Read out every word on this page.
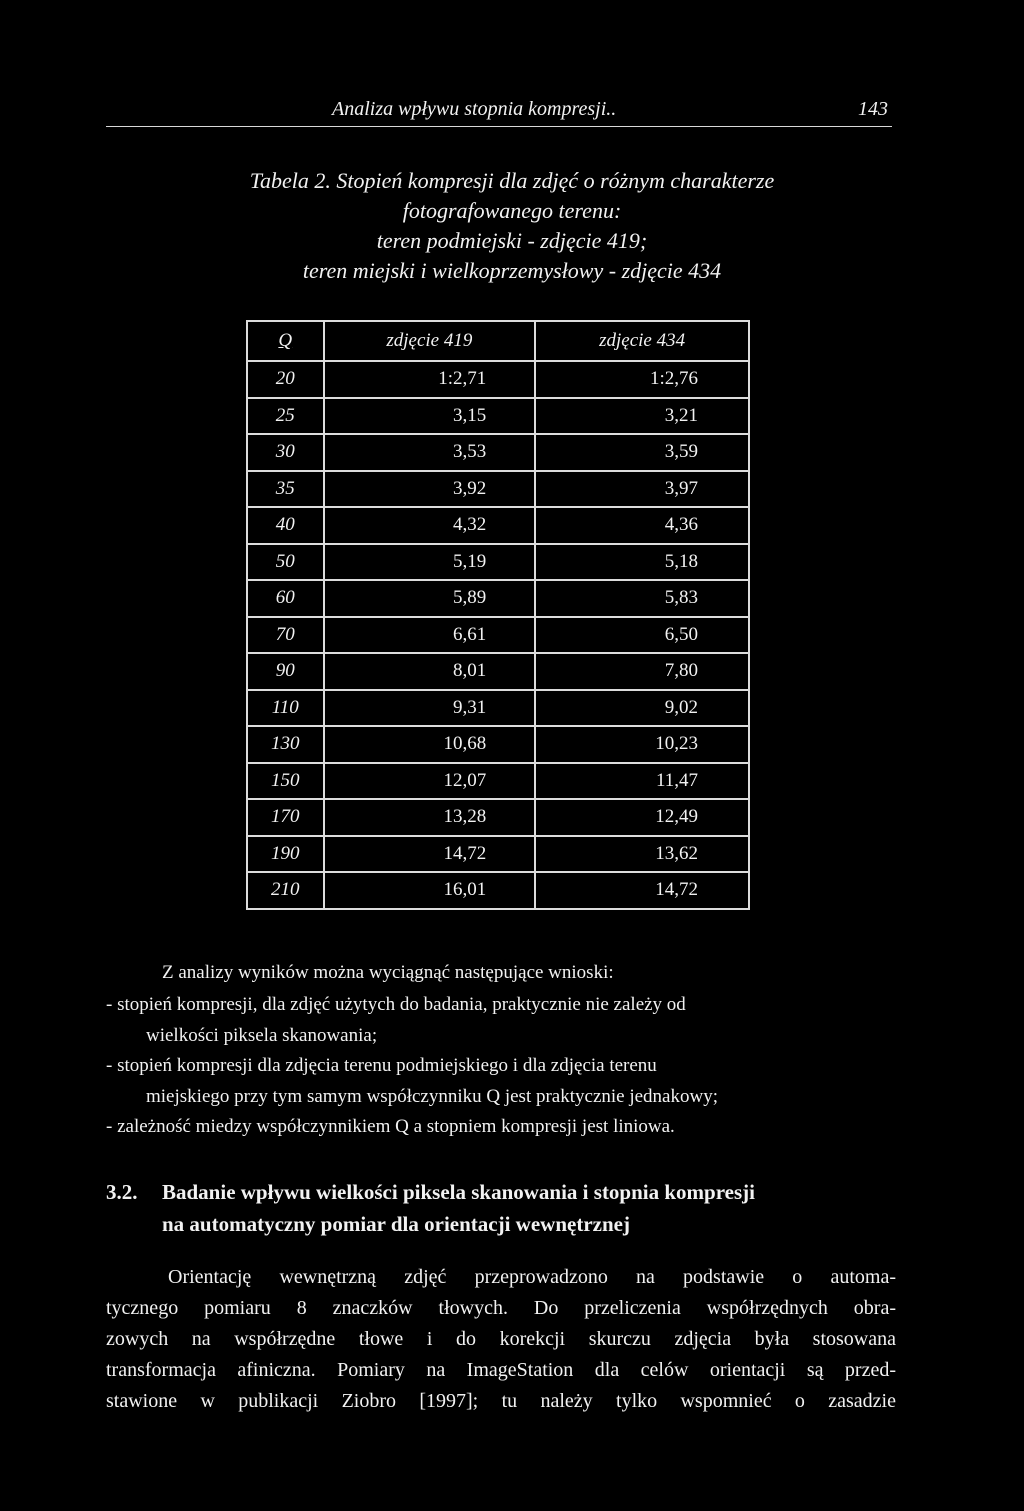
Analiza wpływu stopnia kompresji..	143
Tabela 2. Stopień kompresji dla zdjęć o różnym charakterze
fotografowanego terenu:
teren podmiejski - zdjęcie 419;
teren miejski i wielkoprzemysłowy - zdjęcie 434
Q	zdjęcie 419	zdjęcie 434
20	1:2,71	1:2,76
25	3,15	3,21
30	3,53	3,59
35	3,92	3,97
40	4,32	4,36
50	5,19	5,18
60	5,89	5,83
70	6,61	6,50
90	8,01	7,80
110	9,31	9,02
130	10,68	10,23
150	12,07	11,47
170	13,28	12,49
190	14,72	13,62
210	16,01	14,72
Z analizy wyników można wyciągnąć następujące wnioski:
- stopień kompresji, dla zdjęć użytych do badania, praktycznie nie zależy od
wielkości piksela skanowania;
- stopień kompresji dla zdjęcia terenu podmiejskiego i dla zdjęcia terenu
miejskiego przy tym samym współczynniku Q jest praktycznie jednakowy;
- zależność miedzy współczynnikiem Q a stopniem kompresji jest liniowa.
3.2. Badanie wpływu wielkości piksela skanowania i stopnia kompresji
na automatyczny pomiar dla orientacji wewnętrznej
Orientację wewnętrzną zdjęć przeprowadzono na podstawie o automa-
tycznego pomiaru 8 znaczków tłowych. Do przeliczenia współrzędnych obra-
zowych na współrzędne tłowe i do korekcji skurczu zdjęcia była stosowana
transformacja afiniczna. Pomiary na ImageStation dla celów orientacji są przed-
stawione w publikacji Ziobro [1997]; tu należy tylko wspomnieć o zasadzie
